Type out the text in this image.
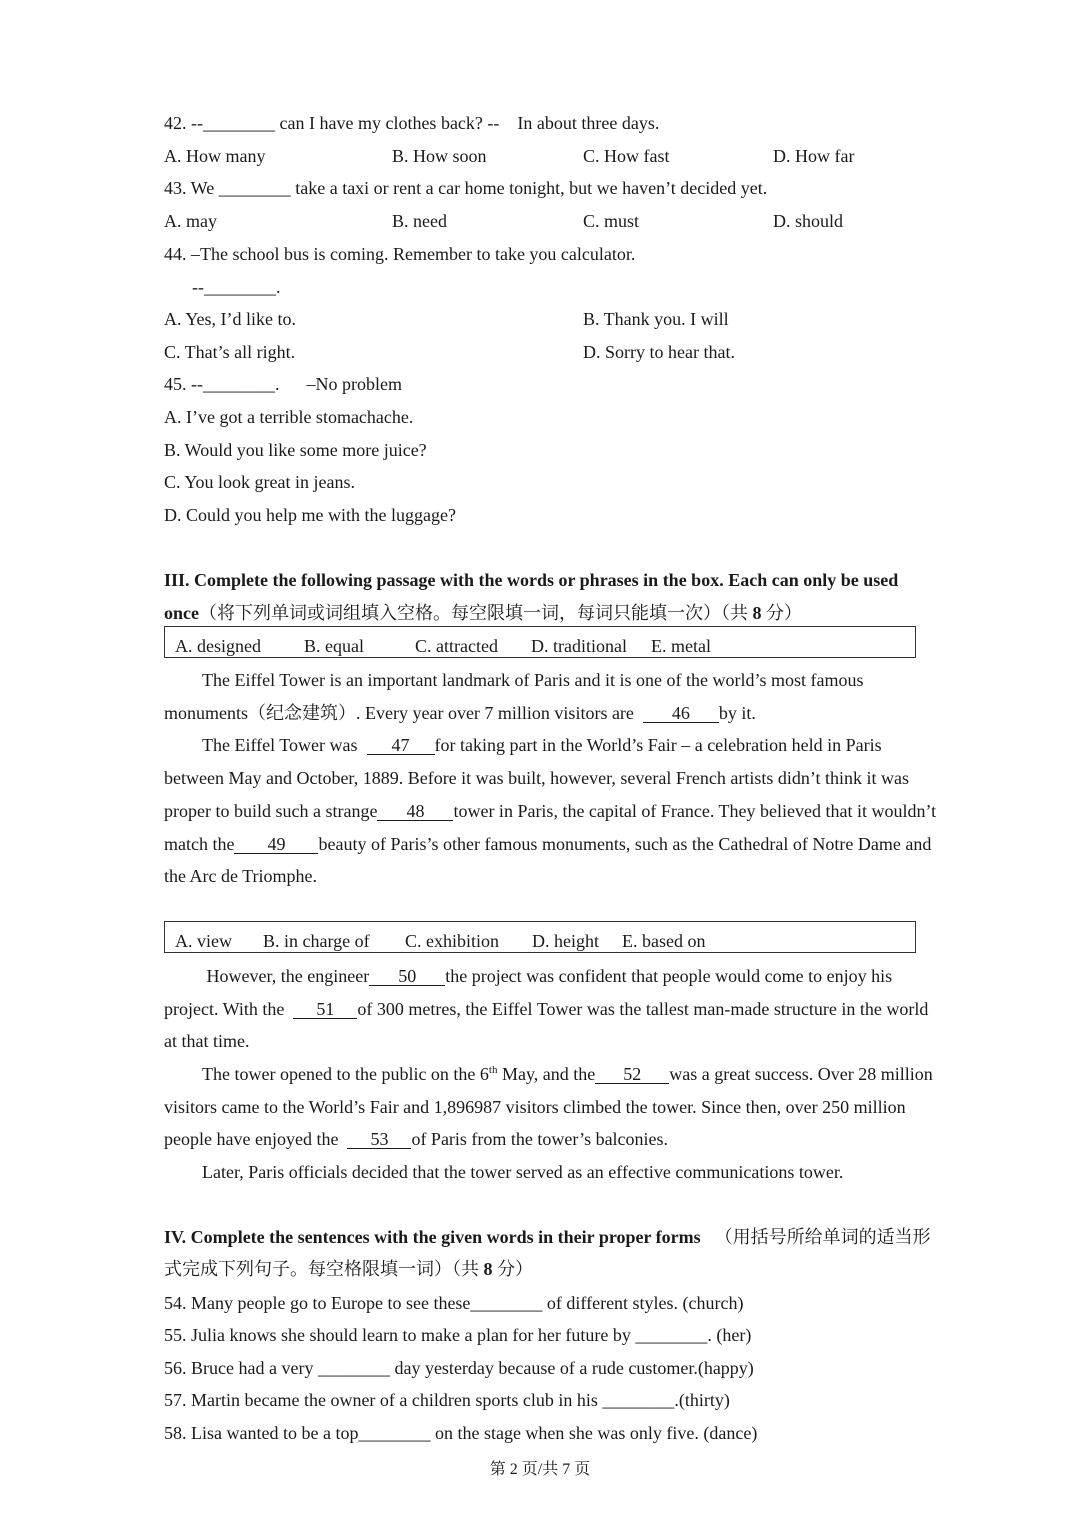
42. --________ can I have my clothes back? --    In about three days.
A. How many	B. How soon	C. How fast	D. How far
43. We ________ take a taxi or rent a car home tonight, but we haven’t decided yet.
A. may	B. need	C. must	D. should
44. –The school bus is coming. Remember to take you calculator.
--________.
A. Yes, I’d like to.	B. Thank you. I will
C. That’s all right.	D. Sorry to hear that.
45. --________.      –No problem
A. I’ve got a terrible stomachache.
B. Would you like some more juice?
C. You look great in jeans.
D. Could you help me with the luggage?
III. Complete the following passage with the words or phrases in the box. Each can only be used
once（将下列单词或词组填入空格。每空限填一词，每词只能填一次）（共 8 分）
A. designed B. equal	C. attracted D. traditional E. metal
The Eiffel Tower is an important landmark of Paris and it is one of the world’s most famous
monuments（纪念建筑）. Every year over 7 million visitors are  46 by it.
The Eiffel Tower was  47 for taking part in the World’s Fair – a celebration held in Paris
between May and October, 1889. Before it was built, however, several French artists didn’t think it was
proper to build such a strange 48 tower in Paris, the capital of France. They believed that it wouldn’t
match the 49 beauty of Paris’s other famous monuments, such as the Cathedral of Notre Dame and
the Arc de Triomphe.
A. view B. in charge of C. exhibition D. height E. based on
However, the engineer 50 the project was confident that people would come to enjoy his
project. With the  51 of 300 metres, the Eiffel Tower was the tallest man-made structure in the world
at that time.
The tower opened to the public on the 6th May, and the 52 was a great success. Over 28 million
visitors came to the World’s Fair and 1,896987 visitors climbed the tower. Since then, over 250 million
people have enjoyed the  53 of Paris from the tower’s balconies.
Later, Paris officials decided that the tower served as an effective communications tower.
IV. Complete the sentences with the given words in their proper forms （用括号所给单词的适当形
式完成下列句子。每空格限填一词）（共 8 分）
54. Many people go to Europe to see these________ of different styles. (church)
55. Julia knows she should learn to make a plan for her future by ________. (her)
56. Bruce had a very ________ day yesterday because of a rude customer.(happy)
57. Martin became the owner of a children sports club in his ________.(thirty)
58. Lisa wanted to be a top________ on the stage when she was only five. (dance)
第 2 页/共 7 页
